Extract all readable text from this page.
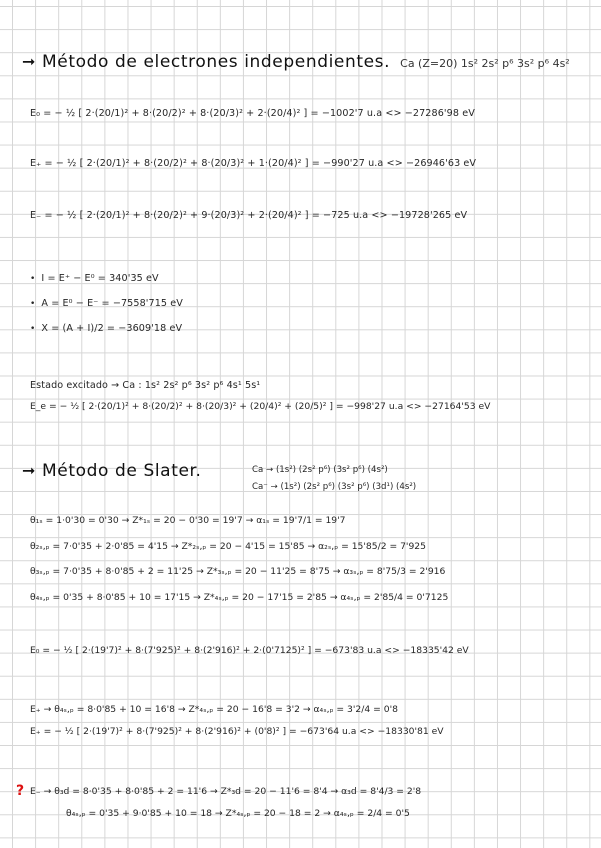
➞ Método de electrones independientes. Ca (Z=20) 1s² 2s² p⁶ 3s² p⁶ 4s²
E₀ = − ½ [ 2·(20/1)² + 8·(20/2)² + 8·(20/3)² + 2·(20/4)² ] = −1002'7 u.a <> −27286'98 eV
E₊ = − ½ [ 2·(20/1)² + 8·(20/2)² + 8·(20/3)² + 1·(20/4)² ] = −990'27 u.a <> −26946'63 eV
E₋ = − ½ [ 2·(20/1)² + 8·(20/2)² + 9·(20/3)² + 2·(20/4)² ] = −725 u.a <> −19728'265 eV
• I = E⁺ − E⁰ = 340'35 eV
• A = E⁰ − E⁻ = −7558'715 eV
• X = (A + I)/2 = −3609'18 eV
Estado excitado → Ca : 1s² 2s² p⁶ 3s² p⁶ 4s¹ 5s¹
E_e = − ½ [ 2·(20/1)² + 8·(20/2)² + 8·(20/3)² + (20/4)² + (20/5)² ] = −998'27 u.a <> −27164'53 eV
➞ Método de Slater.	Ca → (1s²) (2s² p⁶) (3s² p⁶) (4s²)
Ca⁻ → (1s²) (2s² p⁶) (3s² p⁶) (3d¹) (4s²)
θ₁ₛ = 1·0'30 = 0'30 → Z*₁ₛ = 20 − 0'30 = 19'7 → α₁ₛ = 19'7/1 = 19'7
θ₂ₛ,ₚ = 7·0'35 + 2·0'85 = 4'15 → Z*₂ₛ,ₚ = 20 − 4'15 = 15'85 → α₂ₛ,ₚ = 15'85/2 = 7'925
θ₃ₛ,ₚ = 7·0'35 + 8·0'85 + 2 = 11'25 → Z*₃ₛ,ₚ = 20 − 11'25 = 8'75 → α₃ₛ,ₚ = 8'75/3 = 2'916
θ₄ₛ,ₚ = 0'35 + 8·0'85 + 10 = 17'15 → Z*₄ₛ,ₚ = 20 − 17'15 = 2'85 → α₄ₛ,ₚ = 2'85/4 = 0'7125
E₀ = − ½ [ 2·(19'7)² + 8·(7'925)² + 8·(2'916)² + 2·(0'7125)² ] = −673'83 u.a <> −18335'42 eV
E₊ → θ₄ₛ,ₚ = 8·0'85 + 10 = 16'8 → Z*₄ₛ,ₚ = 20 − 16'8 = 3'2 → α₄ₛ,ₚ = 3'2/4 = 0'8
E₊ = − ½ [ 2·(19'7)² + 8·(7'925)² + 8·(2'916)² + (0'8)² ] = −673'64 u.a <> −18330'81 eV
? E₋ → θ₃d = 8·0'35 + 8·0'85 + 2 = 11'6 → Z*₃d = 20 − 11'6 = 8'4 → α₃d = 8'4/3 = 2'8
θ₄ₛ,ₚ = 0'35 + 9·0'85 + 10 = 18 → Z*₄ₛ,ₚ = 20 − 18 = 2 → α₄ₛ,ₚ = 2/4 = 0'5
